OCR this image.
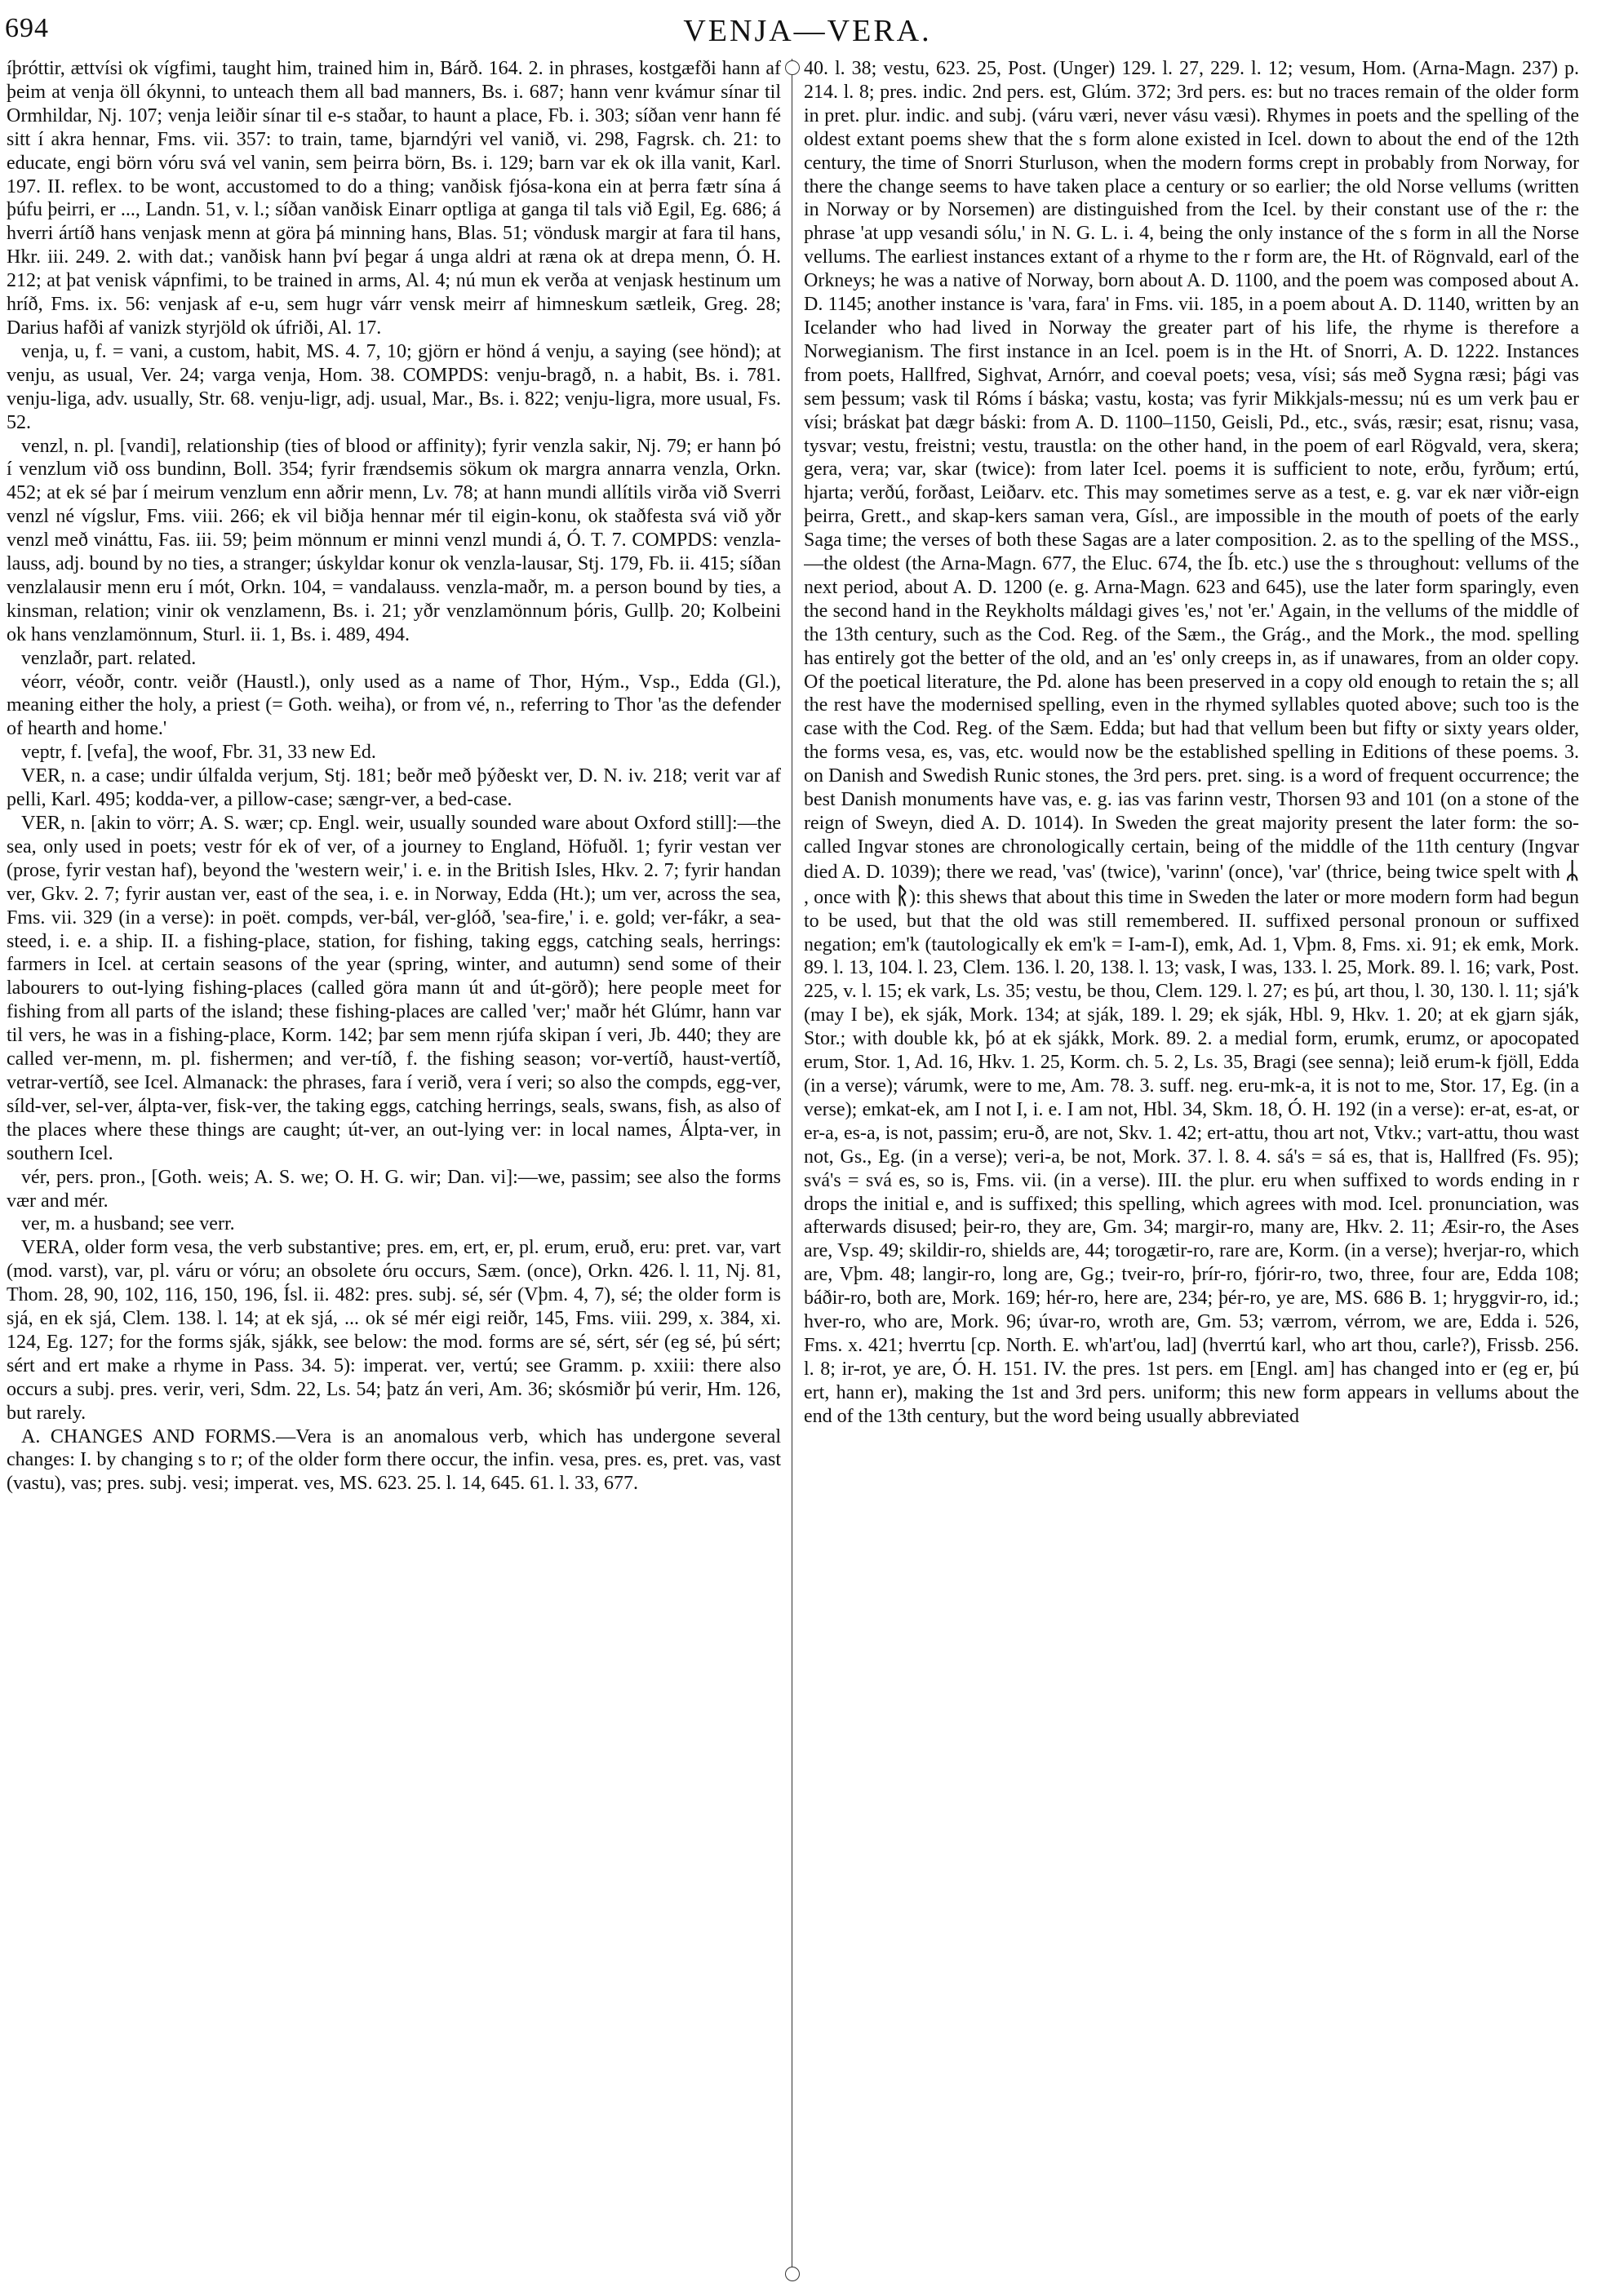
694	VENJA—VERA.

íþróttir, ættvísi ok vígfimi, taught him, trained him in, Bárð. 164. 2. in phrases, kostgæfði hann af þeim at venja öll ókynni, to unteach them all bad manners, Bs. i. 687; hann venr kvámur sínar til Ormhildar, Nj. 107; venja leiðir sínar til e-s staðar, to haunt a place, Fb. i. 303; síðan venr hann fé sitt í akra hennar, Fms. vii. 357: to train, tame, bjarndýri vel vanið, vi. 298, Fagrsk. ch. 21: to educate, engi börn vóru svá vel vanin, sem þeirra börn, Bs. i. 129; barn var ek ok illa vanit, Karl. 197. II. reflex. to be wont, accustomed to do a thing; vanðisk fjósa-kona ein at þerra fætr sína á þúfu þeirri, er ..., Landn. 51, v. l.; síðan vanðisk Einarr optliga at ganga til tals við Egil, Eg. 686; á hverri ártíð hans venjask menn at göra þá minning hans, Blas. 51; vöndusk margir at fara til hans, Hkr. iii. 249. 2. with dat.; vanðisk hann því þegar á unga aldri at ræna ok at drepa menn, Ó. H. 212; at þat venisk vápnfimi, to be trained in arms, Al. 4; nú mun ek verða at venjask hestinum um hríð, Fms. ix. 56: venjask af e-u, sem hugr várr vensk meirr af himneskum sætleik, Greg. 28; Darius hafði af vanizk styrjöld ok úfriði, Al. 17.

venja, u, f. = vani, a custom, habit, MS. 4. 7, 10; gjörn er hönd á venju, a saying (see hönd); at venju, as usual, Ver. 24; varga venja, Hom. 38. COMPDS: venju-bragð, n. a habit, Bs. i. 781. venju-liga, adv. usually, Str. 68. venju-ligr, adj. usual, Mar., Bs. i. 822; venju-ligra, more usual, Fs. 52.

venzl, n. pl. [vandi], relationship (ties of blood or affinity); fyrir venzla sakir, Nj. 79; er hann þó í venzlum við oss bundinn, Boll. 354; fyrir frændsemis sökum ok margra annarra venzla, Orkn. 452; at ek sé þar í meirum venzlum enn aðrir menn, Lv. 78; at hann mundi allítils virða við Sverri venzl né vígslur, Fms. viii. 266; ek vil biðja hennar mér til eigin-konu, ok staðfesta svá við yðr venzl með vináttu, Fas. iii. 59; þeim mönnum er minni venzl mundi á, Ó. T. 7. COMPDS: venzla-lauss, adj. bound by no ties, a stranger; úskyldar konur ok venzla-lausar, Stj. 179, Fb. ii. 415; síðan venzlalausir menn eru í mót, Orkn. 104, = vandalauss. venzla-maðr, m. a person bound by ties, a kinsman, relation; vinir ok venzlamenn, Bs. i. 21; yðr venzlamönnum þóris, Gullþ. 20; Kolbeini ok hans venzlamönnum, Sturl. ii. 1, Bs. i. 489, 494.

venzlaðr, part. related.

véorr, véoðr, contr. veiðr (Haustl.), only used as a name of Thor, Hým., Vsp., Edda (Gl.), meaning either the holy, a priest (= Goth. weiha), or from vé, n., referring to Thor 'as the defender of hearth and home.'

veptr, f. [vefa], the woof, Fbr. 31, 33 new Ed.

VER, n. a case; undir úlfalda verjum, Stj. 181; beðr með þýðeskt ver, D. N. iv. 218; verit var af pelli, Karl. 495; kodda-ver, a pillow-case; sængr-ver, a bed-case.

VER, n. [akin to vörr; A. S. wær; cp. Engl. weir, usually sounded ware about Oxford still]:—the sea, only used in poets; vestr fór ek of ver, of a journey to England, Höfuðl. 1; fyrir vestan ver (prose, fyrir vestan haf), beyond the 'western weir,' i. e. in the British Isles, Hkv. 2. 7; fyrir handan ver, Gkv. 2. 7; fyrir austan ver, east of the sea, i. e. in Norway, Edda (Ht.); um ver, across the sea, Fms. vii. 329 (in a verse): in poët. compds, ver-bál, ver-glóð, 'sea-fire,' i. e. gold; ver-fákr, a sea-steed, i. e. a ship. II. a fishing-place, station, for fishing, taking eggs, catching seals, herrings: farmers in Icel. at certain seasons of the year (spring, winter, and autumn) send some of their labourers to out-lying fishing-places (called göra mann út and út-görð); here people meet for fishing from all parts of the island; these fishing-places are called 'ver;' maðr hét Glúmr, hann var til vers, he was in a fishing-place, Korm. 142; þar sem menn rjúfa skipan í veri, Jb. 440; they are called ver-menn, m. pl. fishermen; and ver-tíð, f. the fishing season; vor-vertíð, haust-vertíð, vetrar-vertíð, see Icel. Almanack: the phrases, fara í verið, vera í veri; so also the compds, egg-ver, síld-ver, sel-ver, álpta-ver, fisk-ver, the taking eggs, catching herrings, seals, swans, fish, as also of the places where these things are caught; út-ver, an out-lying ver: in local names, Álpta-ver, in southern Icel.

vér, pers. pron., [Goth. weis; A. S. we; O. H. G. wir; Dan. vi]:—we, passim; see also the forms vær and mér.

ver, m. a husband; see verr.

VERA, older form vesa, the verb substantive; pres. em, ert, er, pl. erum, eruð, eru: pret. var, vart (mod. varst), var, pl. váru or vóru; an obsolete óru occurs, Sæm. (once), Orkn. 426. l. 11, Nj. 81, Thom. 28, 90, 102, 116, 150, 196, Ísl. ii. 482: pres. subj. sé, sér (Vþm. 4, 7), sé; the older form is sjá, en ek sjá, Clem. 138. l. 14; at ek sjá, ... ok sé mér eigi reiðr, 145, Fms. viii. 299, x. 384, xi. 124, Eg. 127; for the forms sják, sjákk, see below: the mod. forms are sé, sért, sér (eg sé, þú sért; sért and ert make a rhyme in Pass. 34. 5): imperat. ver, vertú; see Gramm. p. xxiii: there also occurs a subj. pres. verir, veri, Sdm. 22, Ls. 54; þatz án veri, Am. 36; skósmiðr þú verir, Hm. 126, but rarely.

A. CHANGES AND FORMS.—Vera is an anomalous verb, which has undergone several changes: I. by changing s to r; of the older form there occur, the infin. vesa, pres. es, pret. vas, vast (vastu), vas; pres. subj. vesi; imperat. ves, MS. 623. 25. l. 14, 645. 61. l. 33, 677.

40. l. 38; vestu, 623. 25, Post. (Unger) 129. l. 27, 229. l. 12; vesum, Hom. (Arna-Magn. 237) p. 214. l. 8; pres. indic. 2nd pers. est, Glúm. 372; 3rd pers. es: but no traces remain of the older form in pret. plur. indic. and subj. (váru væri, never vásu væsi). Rhymes in poets and the spelling of the oldest extant poems shew that the s form alone existed in Icel. down to about the end of the 12th century, the time of Snorri Sturluson, when the modern forms crept in probably from Norway, for there the change seems to have taken place a century or so earlier; the old Norse vellums (written in Norway or by Norsemen) are distinguished from the Icel. by their constant use of the r: the phrase 'at upp vesandi sólu,' in N. G. L. i. 4, being the only instance of the s form in all the Norse vellums. The earliest instances extant of a rhyme to the r form are, the Ht. of Rögnvald, earl of the Orkneys; he was a native of Norway, born about A. D. 1100, and the poem was composed about A. D. 1145; another instance is 'vara, fara' in Fms. vii. 185, in a poem about A. D. 1140, written by an Icelander who had lived in Norway the greater part of his life, the rhyme is therefore a Norwegianism. The first instance in an Icel. poem is in the Ht. of Snorri, A. D. 1222. Instances from poets, Hallfred, Sighvat, Arnórr, and coeval poets; vesa, vísi; sás með Sygna ræsi; þági vas sem þessum; vask til Róms í báska; vastu, kosta; vas fyrir Mikkjals-messu; nú es um verk þau er vísi; bráskat þat dægr báski: from A. D. 1100–1150, Geisli, Pd., etc., svás, ræsir; esat, risnu; vasa, tysvar; vestu, freistni; vestu, traustla: on the other hand, in the poem of earl Rögvald, vera, skera; gera, vera; var, skar (twice): from later Icel. poems it is sufficient to note, erðu, fyrðum; ertú, hjarta; verðú, forðast, Leiðarv. etc. This may sometimes serve as a test, e. g. var ek nær viðr-eign þeirra, Grett., and skap-kers saman vera, Gísl., are impossible in the mouth of poets of the early Saga time; the verses of both these Sagas are a later composition. 2. as to the spelling of the MSS.,—the oldest (the Arna-Magn. 677, the Eluc. 674, the Íb. etc.) use the s throughout: vellums of the next period, about A. D. 1200 (e. g. Arna-Magn. 623 and 645), use the later form sparingly, even the second hand in the Reykholts máldagi gives 'es,' not 'er.' Again, in the vellums of the middle of the 13th century, such as the Cod. Reg. of the Sæm., the Grág., and the Mork., the mod. spelling has entirely got the better of the old, and an 'es' only creeps in, as if unawares, from an older copy. Of the poetical literature, the Pd. alone has been preserved in a copy old enough to retain the s; all the rest have the modernised spelling, even in the rhymed syllables quoted above; such too is the case with the Cod. Reg. of the Sæm. Edda; but had that vellum been but fifty or sixty years older, the forms vesa, es, vas, etc. would now be the established spelling in Editions of these poems. 3. on Danish and Swedish Runic stones, the 3rd pers. pret. sing. is a word of frequent occurrence; the best Danish monuments have vas, e. g. ias vas farinn vestr, Thorsen 93 and 101 (on a stone of the reign of Sweyn, died A. D. 1014). In Sweden the great majority present the later form: the so-called Ingvar stones are chronologically certain, being of the middle of the 11th century (Ingvar died A. D. 1039); there we read, 'vas' (twice), 'varinn' (once), 'var' (thrice, being twice spelt with ᛦ, once with ᚱ): this shews that about this time in Sweden the later or more modern form had begun to be used, but that the old was still remembered. II. suffixed personal pronoun or suffixed negation; em'k (tautologically ek em'k = I-am-I), emk, Ad. 1, Vþm. 8, Fms. xi. 91; ek emk, Mork. 89. l. 13, 104. l. 23, Clem. 136. l. 20, 138. l. 13; vask, I was, 133. l. 25, Mork. 89. l. 16; vark, Post. 225, v. l. 15; ek vark, Ls. 35; vestu, be thou, Clem. 129. l. 27; es þú, art thou, l. 30, 130. l. 11; sjá'k (may I be), ek sják, Mork. 134; at sják, 189. l. 29; ek sják, Hbl. 9, Hkv. 1. 20; at ek gjarn sják, Stor.; with double kk, þó at ek sjákk, Mork. 89. 2. a medial form, erumk, erumz, or apocopated erum, Stor. 1, Ad. 16, Hkv. 1. 25, Korm. ch. 5. 2, Ls. 35, Bragi (see senna); leið erum-k fjöll, Edda (in a verse); várumk, were to me, Am. 78. 3. suff. neg. eru-mk-a, it is not to me, Stor. 17, Eg. (in a verse); emkat-ek, am I not I, i. e. I am not, Hbl. 34, Skm. 18, Ó. H. 192 (in a verse): er-at, es-at, or er-a, es-a, is not, passim; eru-ð, are not, Skv. 1. 42; ert-attu, thou art not, Vtkv.; vart-attu, thou wast not, Gs., Eg. (in a verse); veri-a, be not, Mork. 37. l. 8. 4. sá's = sá es, that is, Hallfred (Fs. 95); svá's = svá es, so is, Fms. vii. (in a verse). III. the plur. eru when suffixed to words ending in r drops the initial e, and is suffixed; this spelling, which agrees with mod. Icel. pronunciation, was afterwards disused; þeir-ro, they are, Gm. 34; margir-ro, many are, Hkv. 2. 11; Æsir-ro, the Ases are, Vsp. 49; skildir-ro, shields are, 44; torogætir-ro, rare are, Korm. (in a verse); hverjar-ro, which are, Vþm. 48; langir-ro, long are, Gg.; tveir-ro, þrír-ro, fjórir-ro, two, three, four are, Edda 108; báðir-ro, both are, Mork. 169; hér-ro, here are, 234; þér-ro, ye are, MS. 686 B. 1; hryggvir-ro, id.; hver-ro, who are, Mork. 96; úvar-ro, wroth are, Gm. 53; værrom, vérrom, we are, Edda i. 526, Fms. x. 421; hverrtu [cp. North. E. wh'art'ou, lad] (hverrtú karl, who art thou, carle?), Frissb. 256. l. 8; ir-rot, ye are, Ó. H. 151. IV. the pres. 1st pers. em [Engl. am] has changed into er (eg er, þú ert, hann er), making the 1st and 3rd pers. uniform; this new form appears in vellums about the end of the 13th century, but the word being usually abbreviated
